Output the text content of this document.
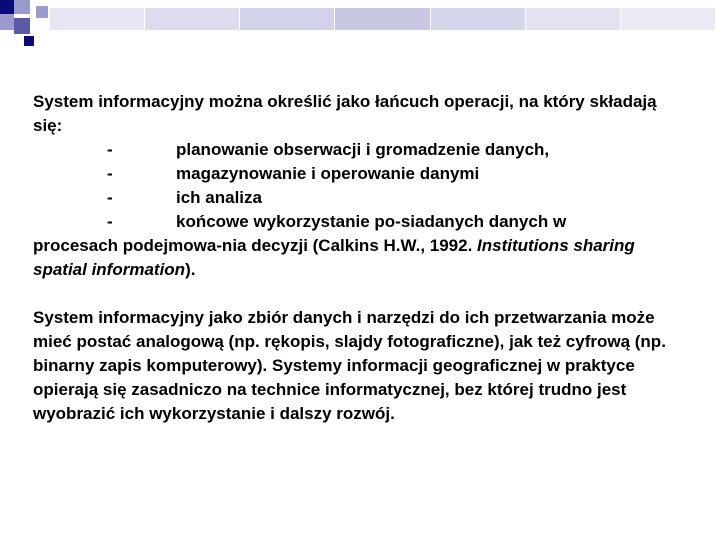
System informacyjny można określić jako łańcuch operacji, na który składają się:

-	planowanie obserwacji i gromadzenie danych,
-	magazynowanie i operowanie danymi
-	ich analiza
-	końcowe wykorzystanie po-siadanych danych w

procesach podejmowa-nia decyzji (Calkins H.W., 1992. Institutions sharing spatial information).

System informacyjny jako zbiór danych i narzędzi do ich przetwarzania może mieć postać analogową (np. rękopis, slajdy fotograficzne), jak też cyfrową (np. binarny zapis komputerowy). Systemy informacji geograficznej w praktyce opierają się zasadniczo na technice informatycznej, bez której trudno jest wyobrazić ich wykorzystanie i dalszy rozwój.
